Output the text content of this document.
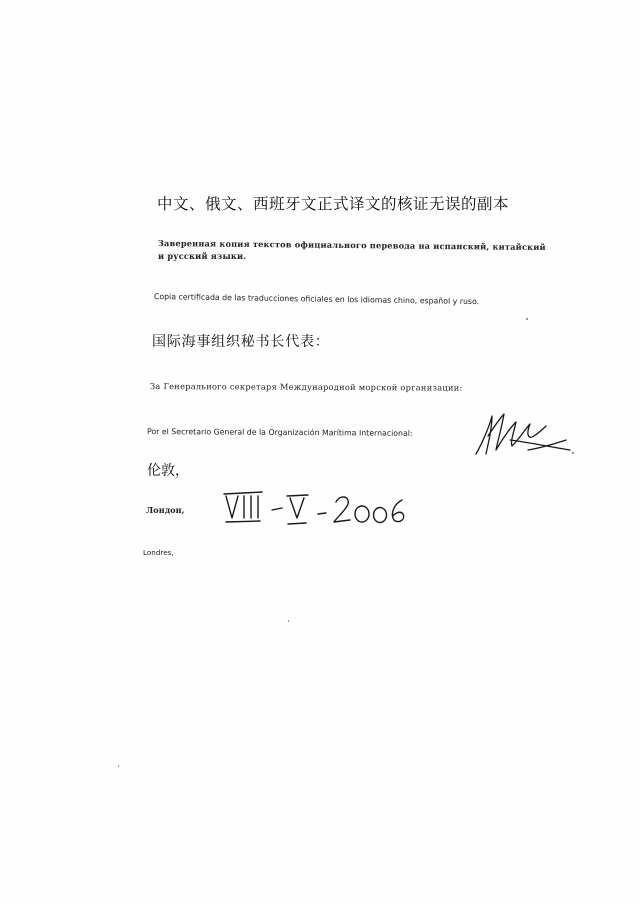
中文、俄文、西班牙文正式译文的核证无误的副本
Заверенная копия текстов официального перевода на испанский, китайский
и русский языки.
Copia certificada de las traducciones oficiales en los idiomas chino, español y ruso.
国际海事组织秘书长代表：
За Генерального секретаря Международной морской организации:
Por el Secretario General de la Organización Marítima Internacional:
伦敦，
Лондон,
Londres,
